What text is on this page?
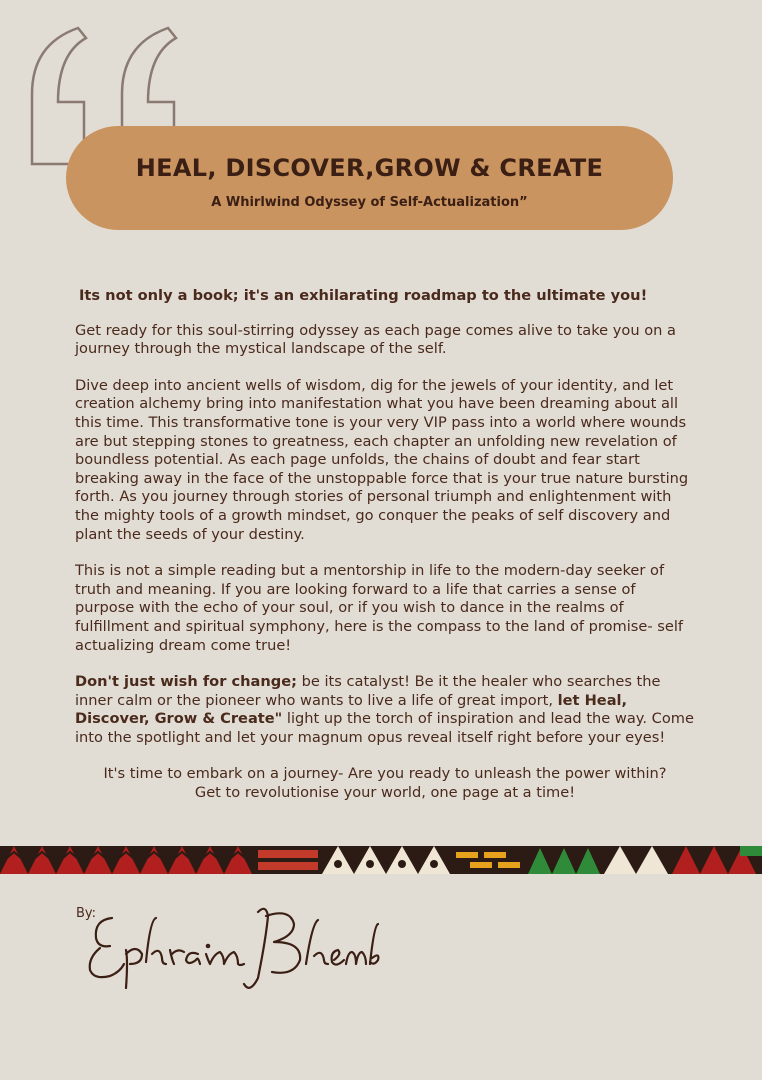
HEAL, DISCOVER,GROW & CREATE
A Whirlwind Odyssey of Self-Actualization”

Its not only a book; it's an exhilarating roadmap to the ultimate you!

Get ready for this soul-stirring odyssey as each page comes alive to take you on a journey through the mystical landscape of the self.

Dive deep into ancient wells of wisdom, dig for the jewels of your identity, and let creation alchemy bring into manifestation what you have been dreaming about all this time. This transformative tone is your very VIP pass into a world where wounds are but stepping stones to greatness, each chapter an unfolding new revelation of boundless potential. As each page unfolds, the chains of doubt and fear start breaking away in the face of the unstoppable force that is your true nature bursting forth. As you journey through stories of personal triumph and enlightenment with the mighty tools of a growth mindset, go conquer the peaks of self discovery and plant the seeds of your destiny.

This is not a simple reading but a mentorship in life to the modern-day seeker of truth and meaning. If you are looking forward to a life that carries a sense of purpose with the echo of your soul, or if you wish to dance in the realms of fulfillment and spiritual symphony, here is the compass to the land of promise- self actualizing dream come true!

Don't just wish for change; be its catalyst! Be it the healer who searches the inner calm or the pioneer who wants to live a life of great import, let Heal, Discover, Grow & Create" light up the torch of inspiration and lead the way. Come into the spotlight and let your magnum opus reveal itself right before your eyes!

It's time to embark on a journey- Are you ready to unleash the power within?
Get to revolutionise your world, one page at a time!

By:
